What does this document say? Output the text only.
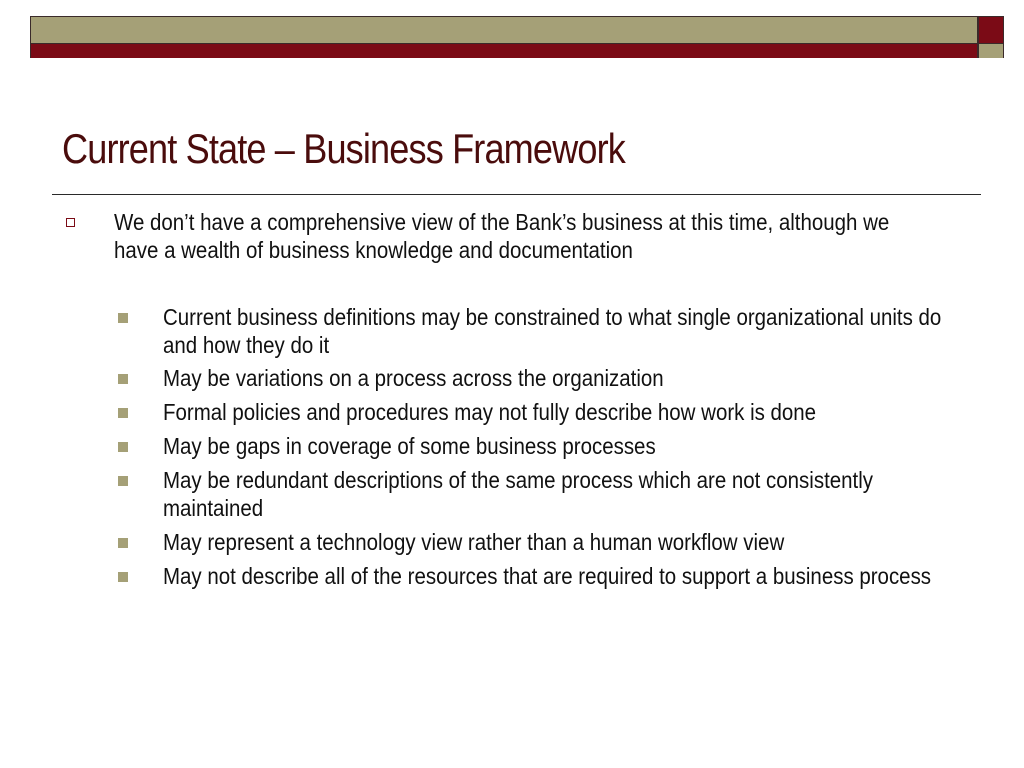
Current State – Business Framework
We don’t have a comprehensive view of the Bank’s business at this time, although we have a wealth of business knowledge and documentation
Current business definitions may be constrained to what single organizational units do and how they do it
May be variations on a process across the organization
Formal policies and procedures may not fully describe how work is done
May be gaps in coverage of some business processes
May be redundant descriptions of the same process which are not consistently maintained
May represent a technology view rather than a human workflow view
May not describe all of the resources that are required to support a business process
